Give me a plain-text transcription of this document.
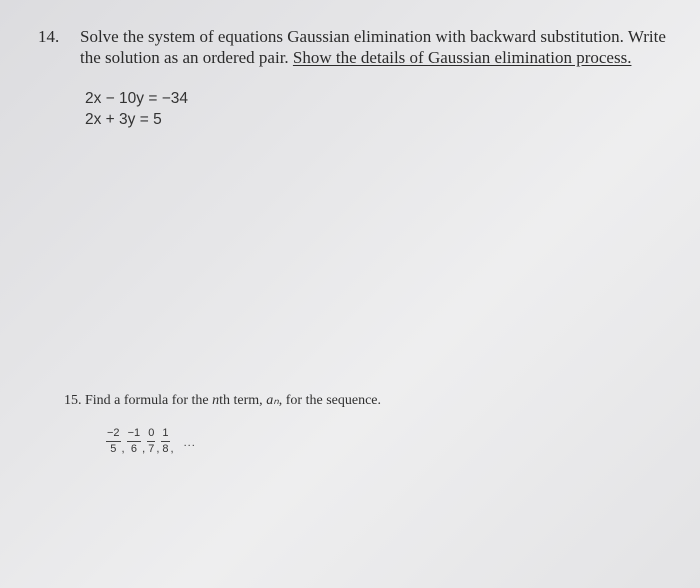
14. Solve the system of equations Gaussian elimination with backward substitution. Write
the solution as an ordered pair. Show the details of Gaussian elimination process.
2x − 10y = −34
2x + 3y = 5
15. Find a formula for the nth term, aₙ, for the sequence.
$\frac{-2}{5}$ , $\frac{-1}{6}$ , $\frac{0}{7}$ , $\frac{1}{8}$ , ...
